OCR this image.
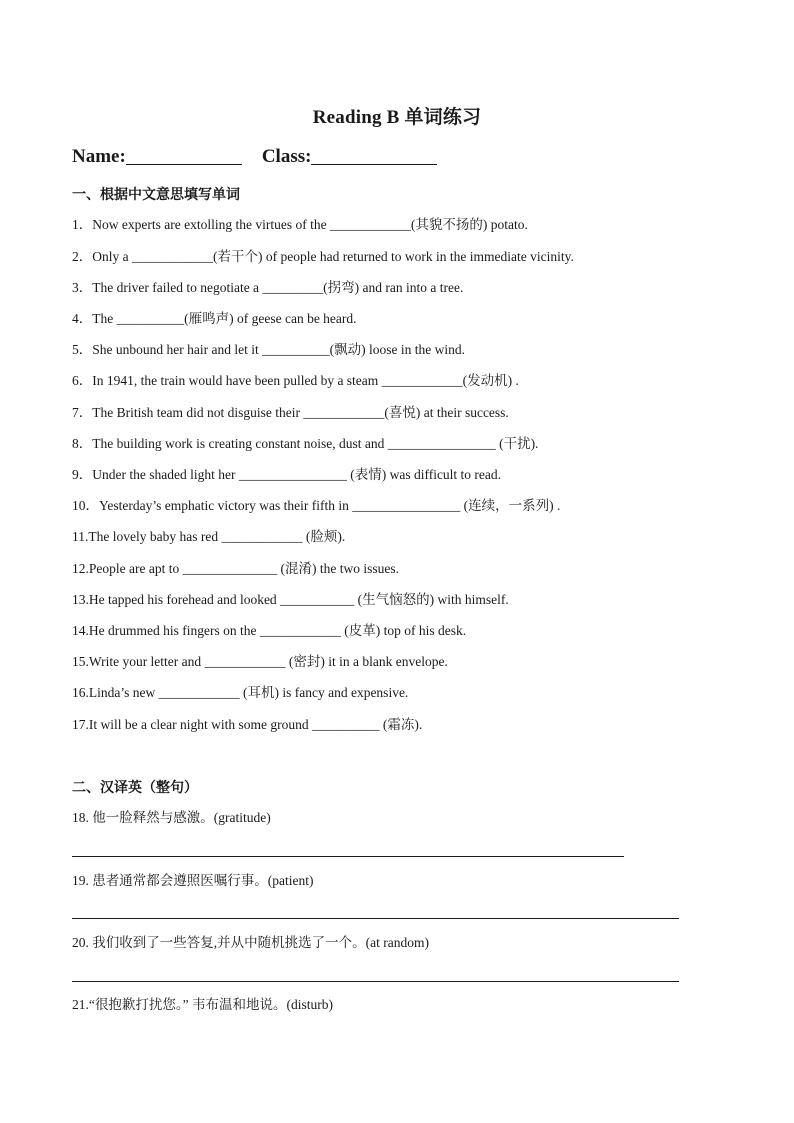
Reading B 单词练习
Name:	Class:
一、根据中文意思填写单词
1．Now experts are extolling the virtues of the ____________(其貌不扬的) potato.
2．Only a ____________(若干个) of people had returned to work in the immediate vicinity.
3．The driver failed to negotiate a _________(拐弯) and ran into a tree.
4．The __________(雁鸣声) of geese can be heard.
5．She unbound her hair and let it __________(飘动) loose in the wind.
6．In 1941, the train would have been pulled by a steam ____________(发动机) .
7．The British team did not disguise their ____________(喜悦) at their success.
8．The building work is creating constant noise, dust and ________________ (干扰).
9．Under the shaded light her ________________ (表情) was difficult to read.
10．Yesterday’s emphatic victory was their fifth in ________________ (连续，一系列) .
11.The lovely baby has red ____________ (脸颊).
12.People are apt to ______________ (混淆) the two issues.
13.He tapped his forehead and looked ___________ (生气恼怒的) with himself.
14.He drummed his fingers on the ____________ (皮革) top of his desk.
15.Write your letter and ____________ (密封) it in a blank envelope.
16.Linda’s new ____________ (耳机) is fancy and expensive.
17.It will be a clear night with some ground __________ (霜冻).
二、汉译英（整句）
18. 他一脸释然与感激。(gratitude)
19. 患者通常都会遵照医嘱行事。(patient)
20. 我们收到了一些答复,并从中随机挑选了一个。(at random)
21.“很抱歉打扰您。” 韦布温和地说。(disturb)
